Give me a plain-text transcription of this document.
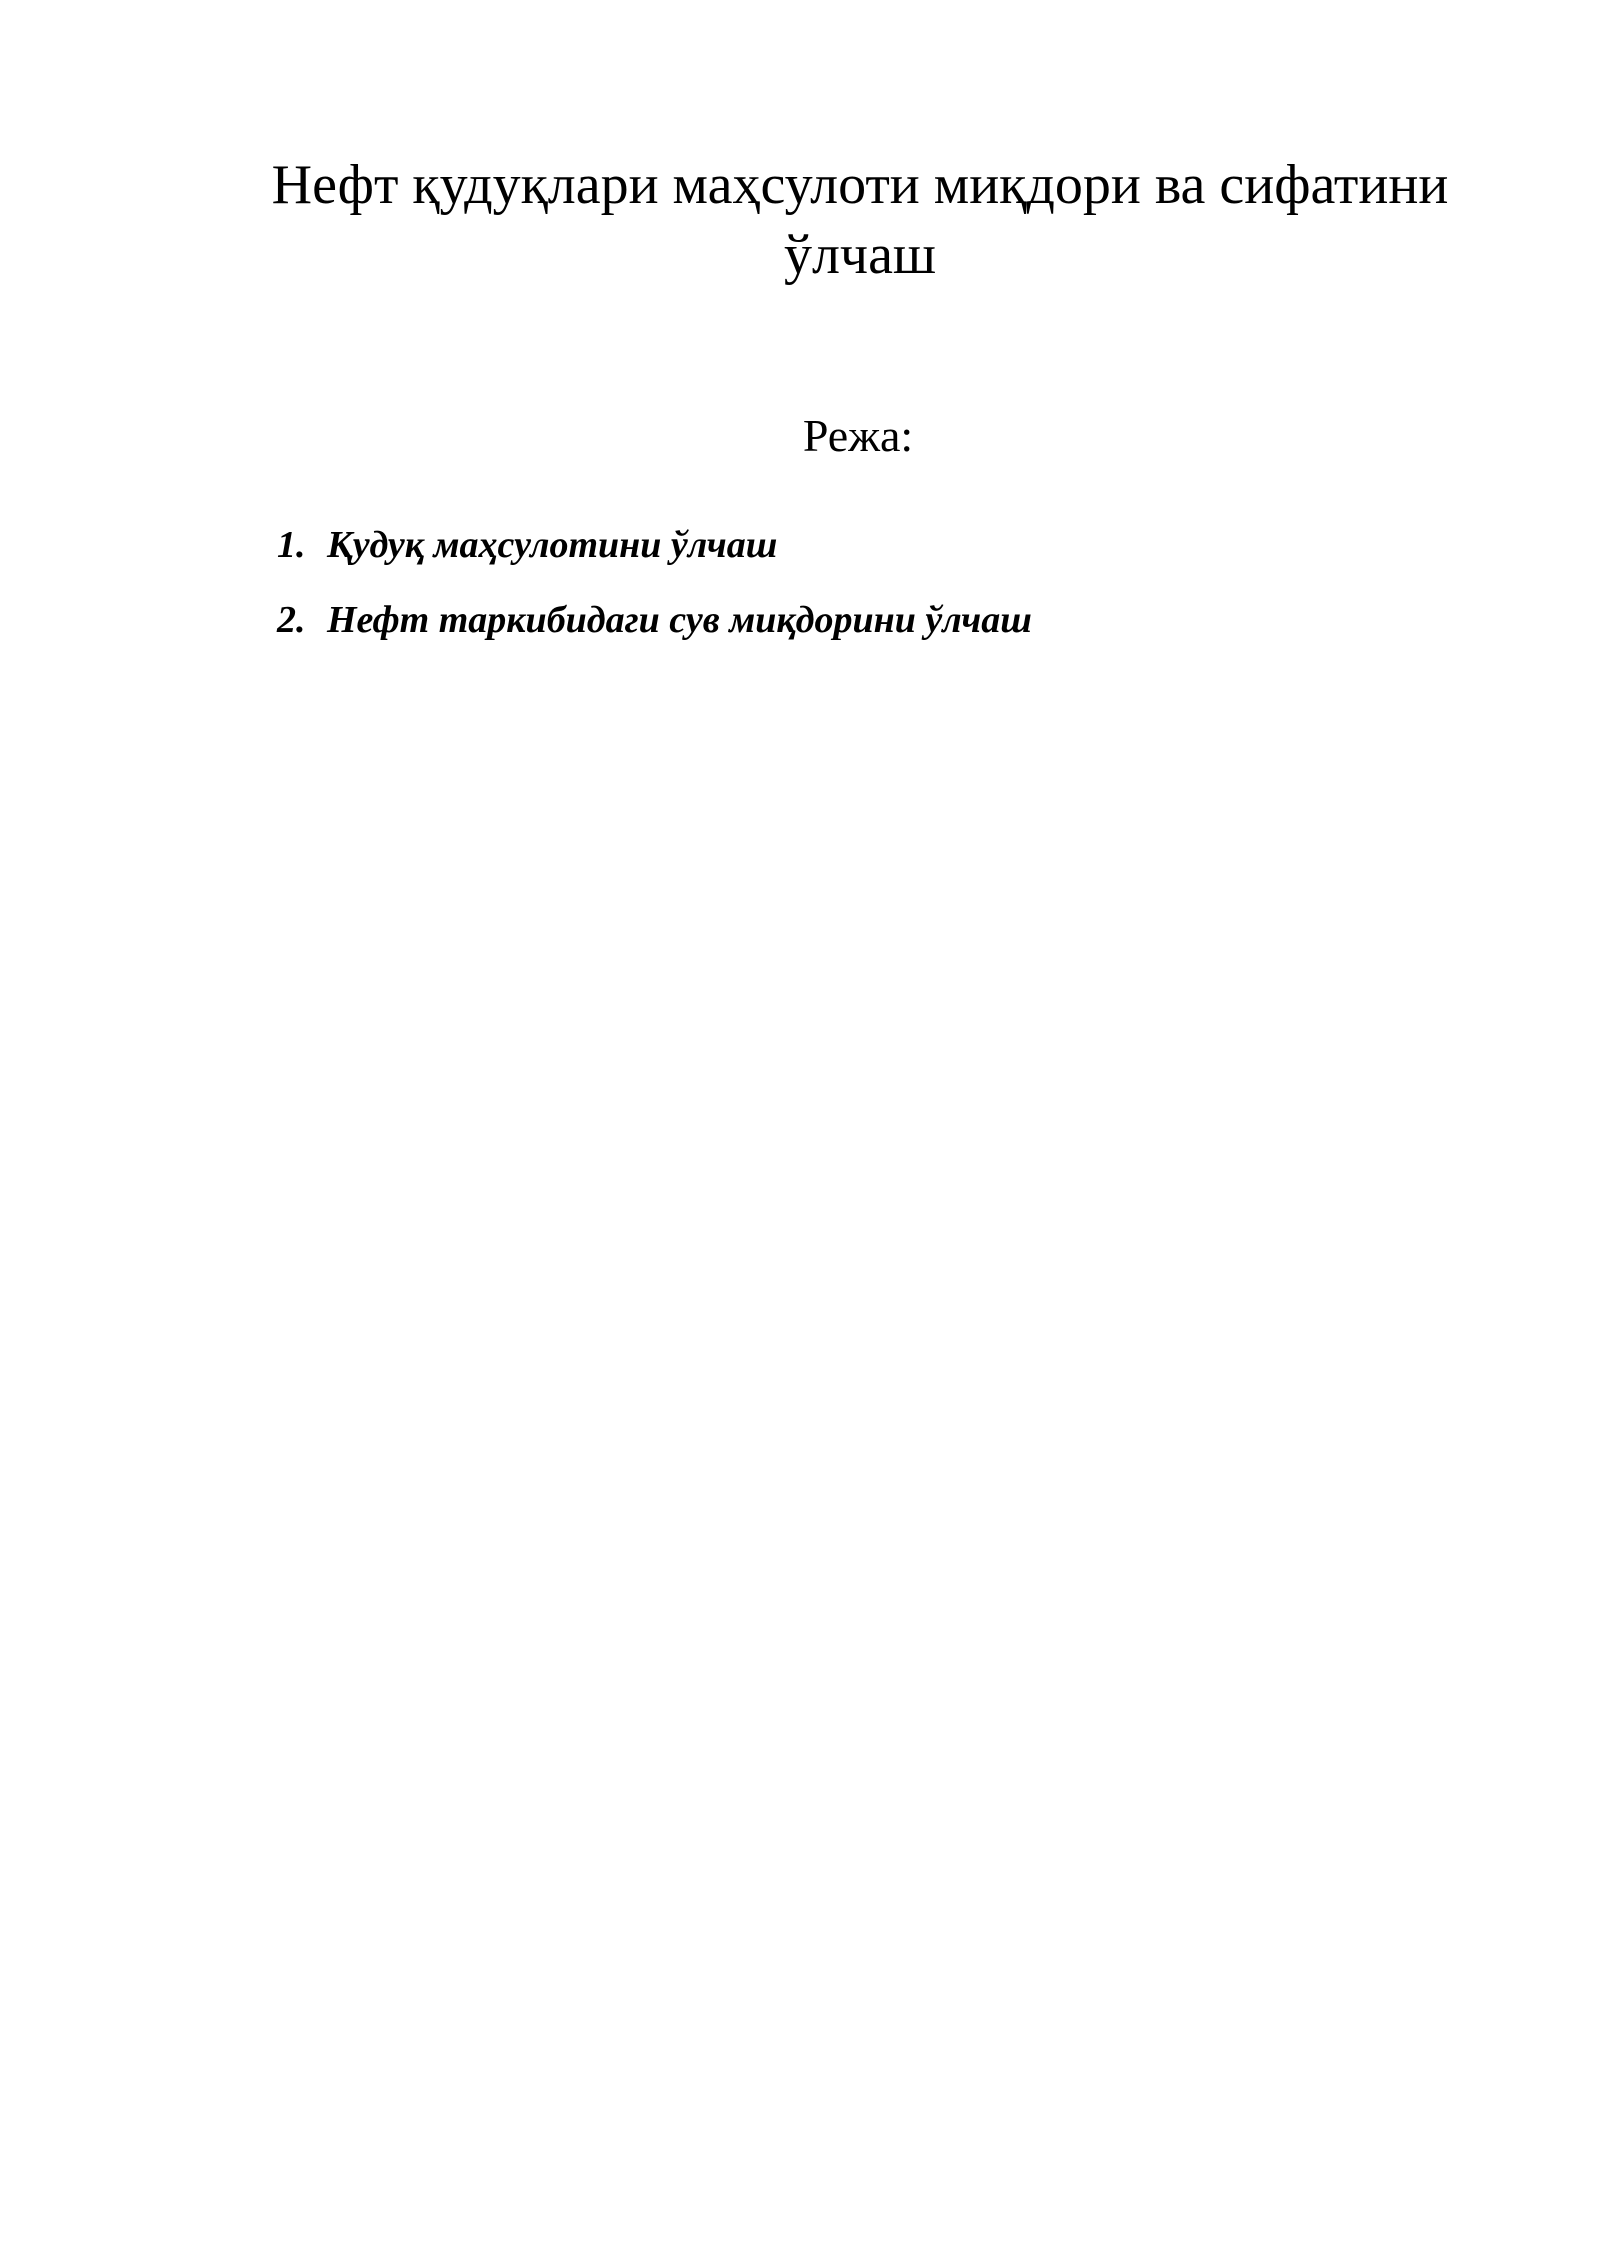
Нефт қудуқлари маҳсулоти миқдори ва сифатини ўлчаш

Режа:

1. Қудуқ маҳсулотини ўлчаш
2. Нефт таркибидаги сув миқдорини ўлчаш
